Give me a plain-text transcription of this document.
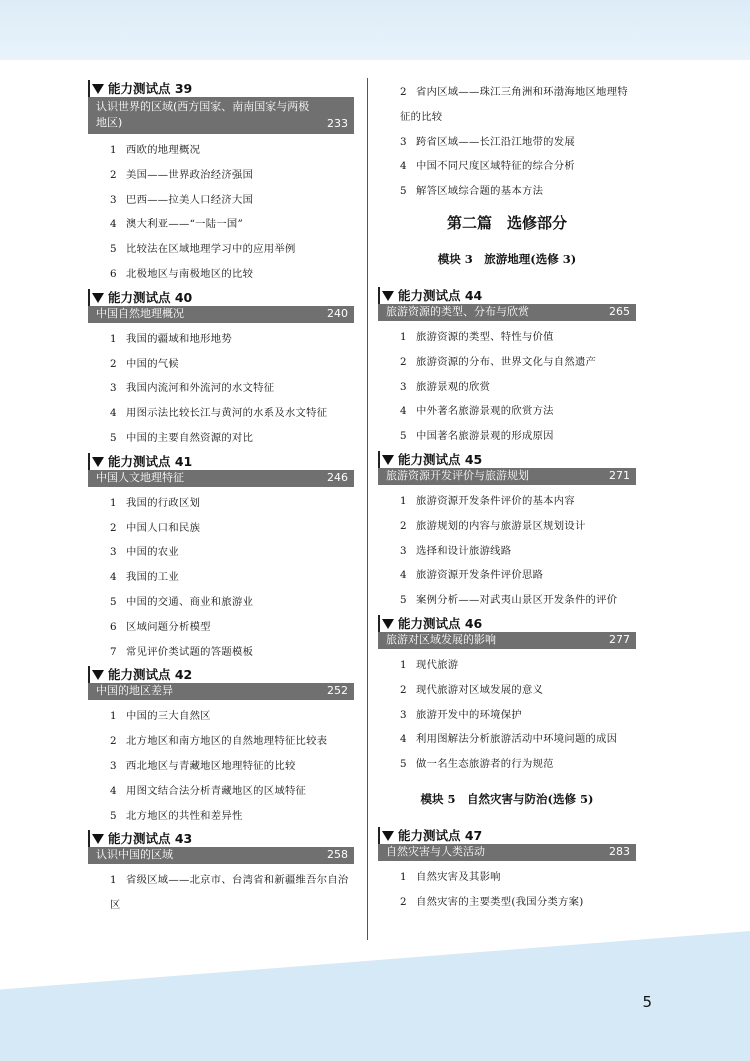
能力测试点 39
认识世界的区域(西方国家、南南国家与两极地区)	233
1 西欧的地理概况
2 美国——世界政治经济强国
3 巴西——拉美人口经济大国
4 澳大利亚——“一陆一国”
5 比较法在区域地理学习中的应用举例
6 北极地区与南极地区的比较
能力测试点 40
中国自然地理概况	240
1 我国的疆域和地形地势
2 中国的气候
3 我国内流河和外流河的水文特征
4 用图示法比较长江与黄河的水系及水文特征
5 中国的主要自然资源的对比
能力测试点 41
中国人文地理特征	246
1 我国的行政区划
2 中国人口和民族
3 中国的农业
4 我国的工业
5 中国的交通、商业和旅游业
6 区域问题分析模型
7 常见评价类试题的答题模板
能力测试点 42
中国的地区差异	252
1 中国的三大自然区
2 北方地区和南方地区的自然地理特征比较表
3 西北地区与青藏地区地理特征的比较
4 用图文结合法分析青藏地区的区域特征
5 北方地区的共性和差异性
能力测试点 43
认识中国的区域	258
1 省级区域——北京市、台湾省和新疆维吾尔自治区
2 省内区域——珠江三角洲和环渤海地区地理特征的比较
3 跨省区域——长江沿江地带的发展
4 中国不同尺度区域特征的综合分析
5 解答区域综合题的基本方法
第二篇　选修部分
模块 3　旅游地理(选修 3)
能力测试点 44
旅游资源的类型、分布与欣赏	265
1 旅游资源的类型、特性与价值
2 旅游资源的分布、世界文化与自然遗产
3 旅游景观的欣赏
4 中外著名旅游景观的欣赏方法
5 中国著名旅游景观的形成原因
能力测试点 45
旅游资源开发评价与旅游规划	271
1 旅游资源开发条件评价的基本内容
2 旅游规划的内容与旅游景区规划设计
3 选择和设计旅游线路
4 旅游资源开发条件评价思路
5 案例分析——对武夷山景区开发条件的评价
能力测试点 46
旅游对区域发展的影响	277
1 现代旅游
2 现代旅游对区域发展的意义
3 旅游开发中的环境保护
4 利用图解法分析旅游活动中环境问题的成因
5 做一名生态旅游者的行为规范
模块 5　自然灾害与防治(选修 5)
能力测试点 47
自然灾害与人类活动	283
1 自然灾害及其影响
2 自然灾害的主要类型(我国分类方案)
5
